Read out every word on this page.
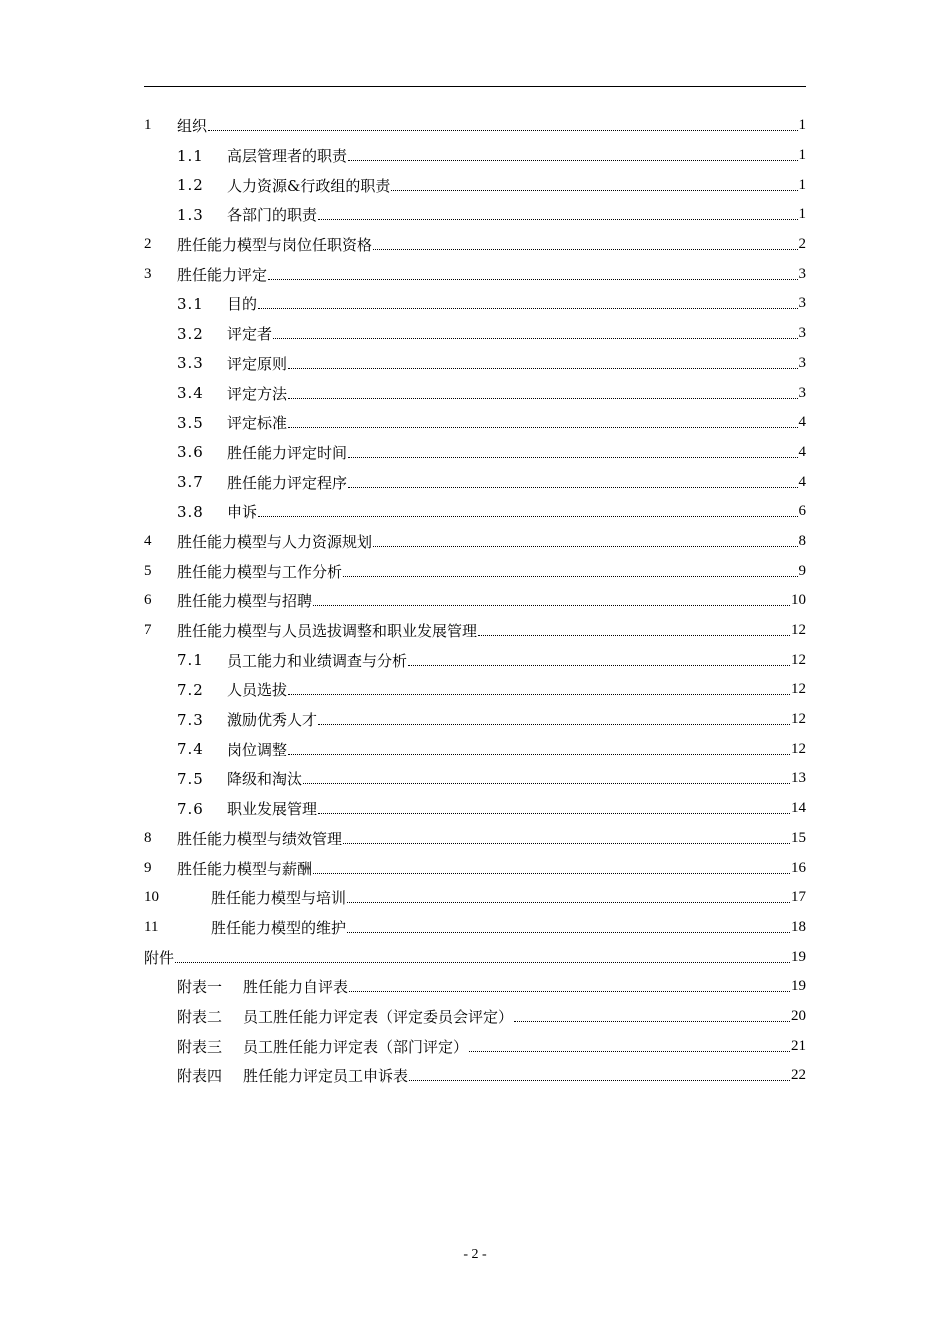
1	组织	1
1.1	高层管理者的职责	1
1.2	人力资源&行政组的职责	1
1.3	各部门的职责	1
2	胜任能力模型与岗位任职资格	2
3	胜任能力评定	3
3.1	目的	3
3.2	评定者	3
3.3	评定原则	3
3.4	评定方法	3
3.5	评定标准	4
3.6	胜任能力评定时间	4
3.7	胜任能力评定程序	4
3.8	申诉	6
4	胜任能力模型与人力资源规划	8
5	胜任能力模型与工作分析	9
6	胜任能力模型与招聘	10
7	胜任能力模型与人员选拔调整和职业发展管理	12
7.1	员工能力和业绩调查与分析	12
7.2	人员选拔	12
7.3	激励优秀人才	12
7.4	岗位调整	12
7.5	降级和淘汰	13
7.6	职业发展管理	14
8	胜任能力模型与绩效管理	15
9	胜任能力模型与薪酬	16
10	胜任能力模型与培训	17
11	胜任能力模型的维护	18
附件	19
附表一	胜任能力自评表	19
附表二	员工胜任能力评定表（评定委员会评定）	20
附表三	员工胜任能力评定表（部门评定）	21
附表四	胜任能力评定员工申诉表	22
- 2 -
